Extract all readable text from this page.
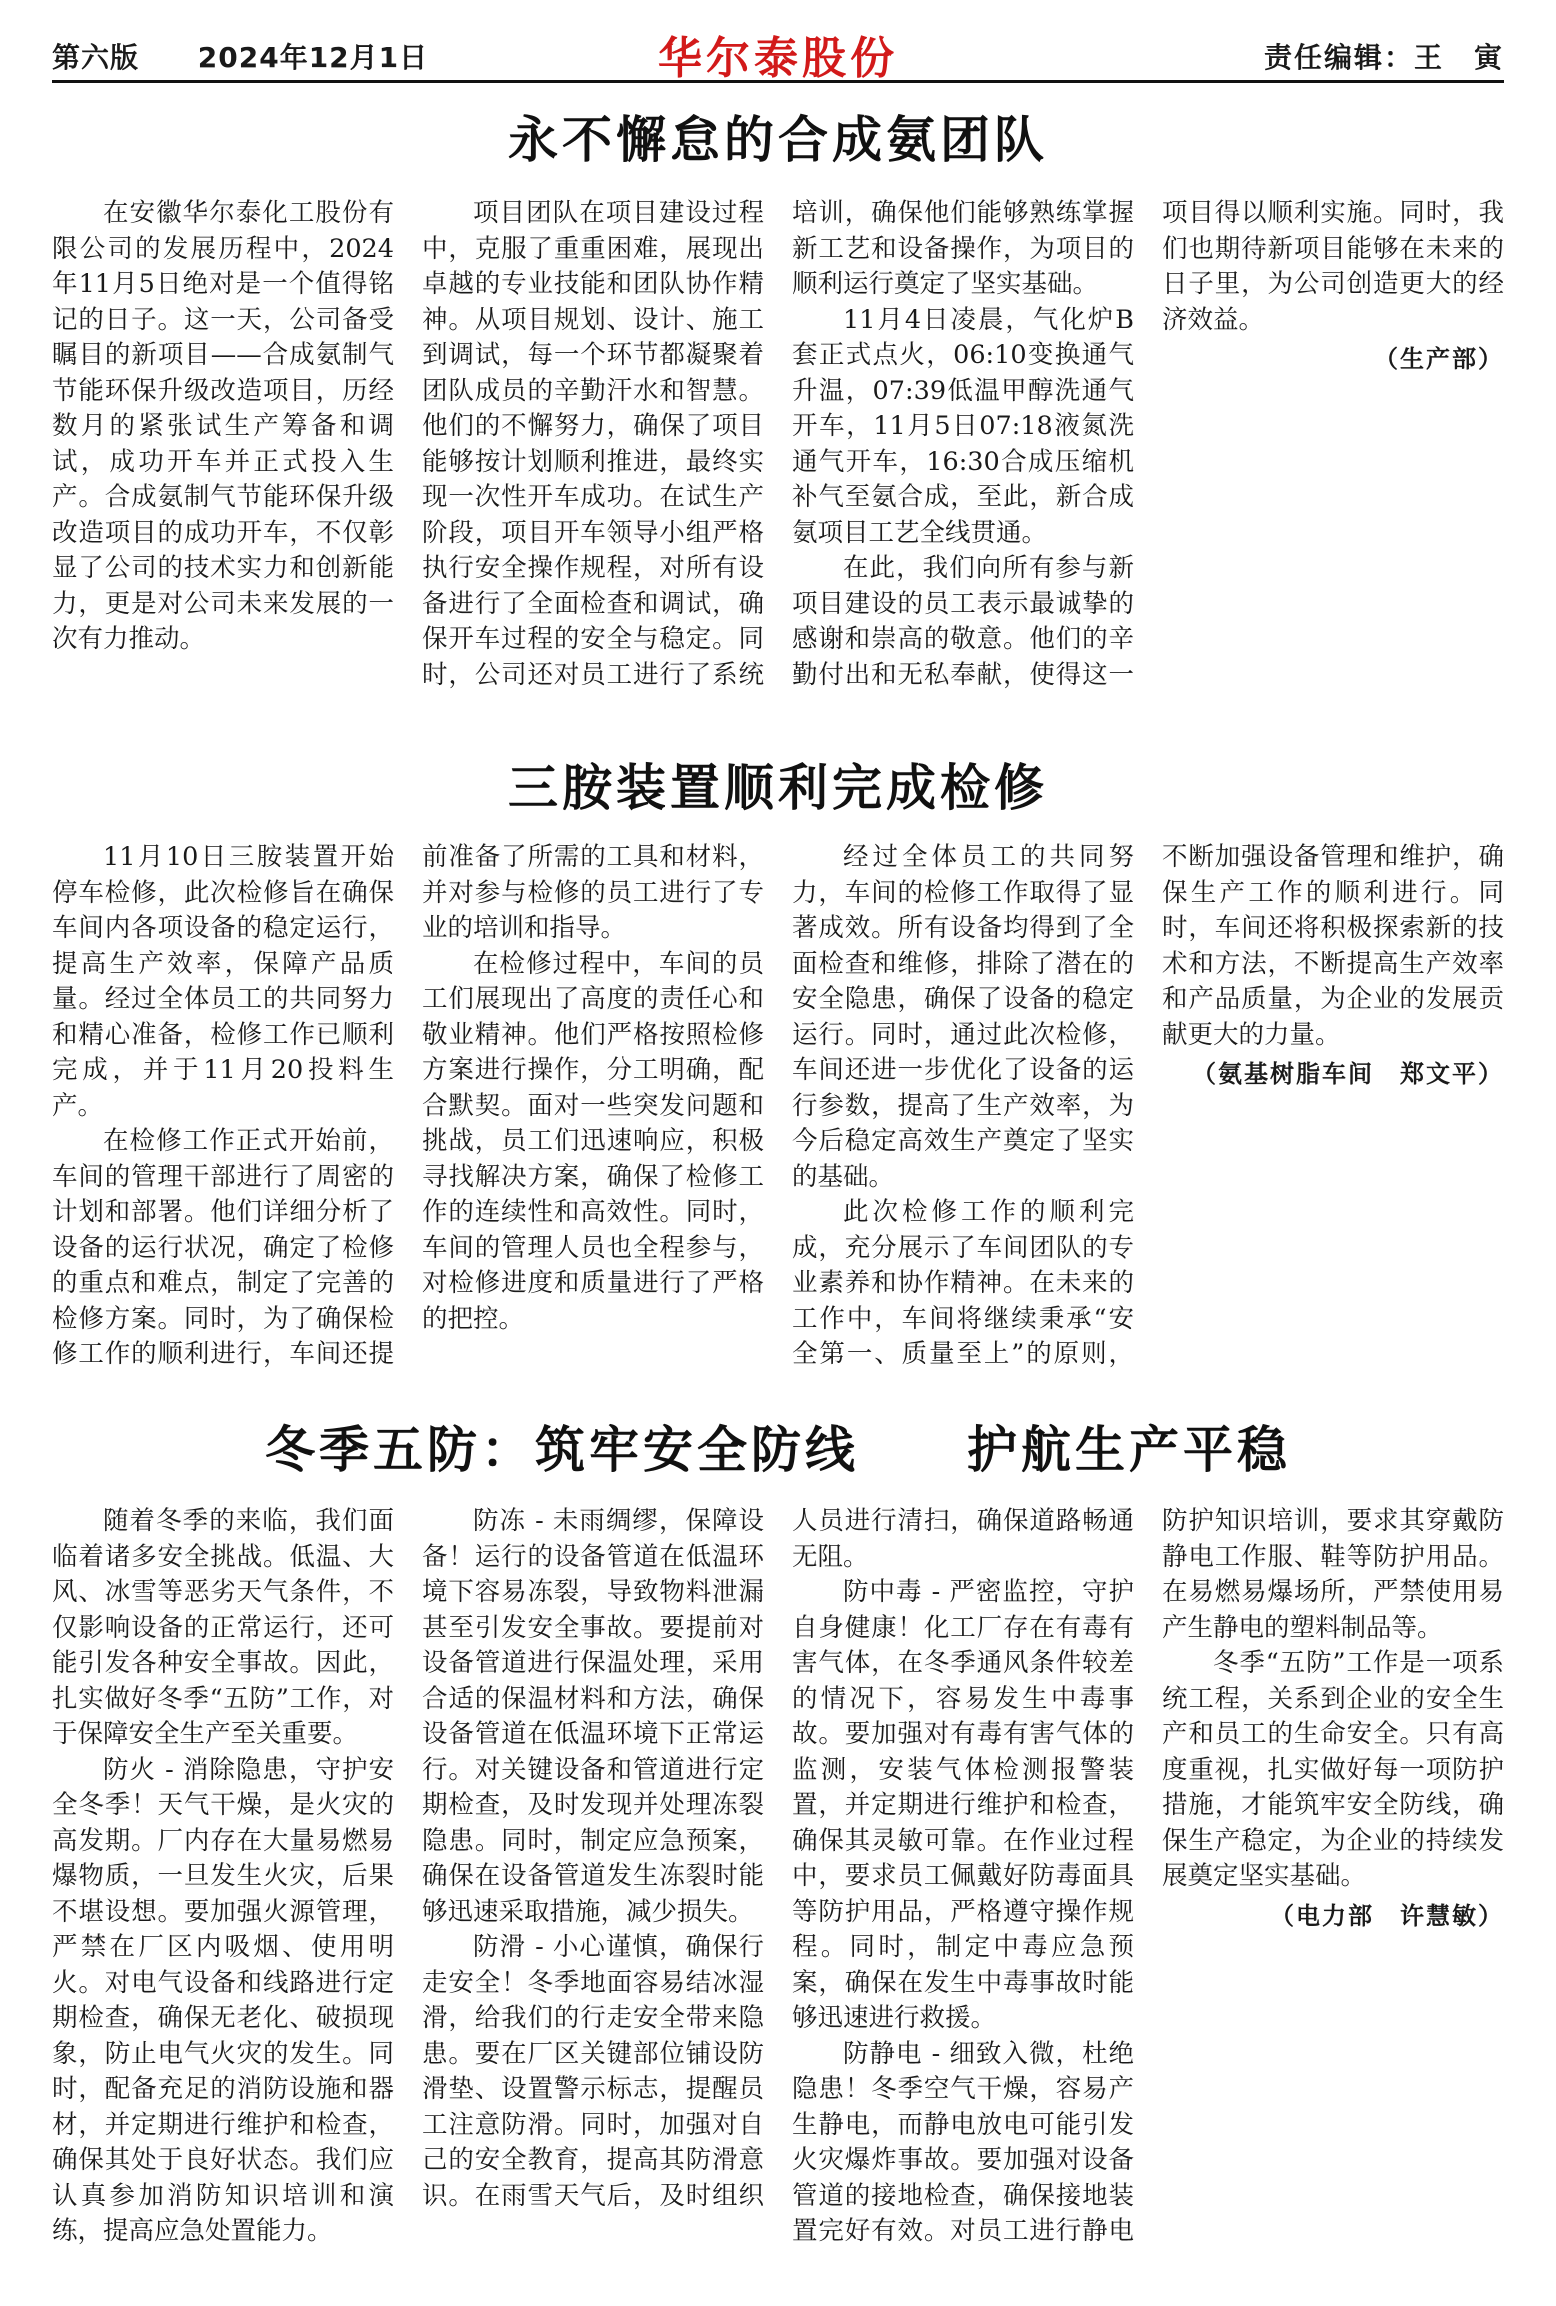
第六版 2024年12月1日	华尔泰股份	责任编辑：王　寅
永不懈怠的合成氨团队

在安徽华尔泰化工股份有限公司的发展历程中，2024年11月5日绝对是一个值得铭记的日子。这一天，公司备受瞩目的新项目——合成氨制气节能环保升级改造项目，历经数月的紧张试生产筹备和调试，成功开车并正式投入生产。合成氨制气节能环保升级改造项目的成功开车，不仅彰显了公司的技术实力和创新能力，更是对公司未来发展的一次有力推动。

项目团队在项目建设过程中，克服了重重困难，展现出卓越的专业技能和团队协作精神。从项目规划、设计、施工到调试，每一个环节都凝聚着团队成员的辛勤汗水和智慧。他们的不懈努力，确保了项目能够按计划顺利推进，最终实现一次性开车成功。在试生产阶段，项目开车领导小组严格执行安全操作规程，对所有设备进行了全面检查和调试，确保开车过程的安全与稳定。同时，公司还对员工进行了系统培训，确保他们能够熟练掌握新工艺和设备操作，为项目的顺利运行奠定了坚实基础。

11月4日凌晨，气化炉B套正式点火，06:10变换通气升温，07:39低温甲醇洗通气开车，11月5日07:18液氮洗通气开车，16:30合成压缩机补气至氨合成，至此，新合成氨项目工艺全线贯通。

在此，我们向所有参与新项目建设的员工表示最诚挚的感谢和崇高的敬意。他们的辛勤付出和无私奉献，使得这一项目得以顺利实施。同时，我们也期待新项目能够在未来的日子里，为公司创造更大的经济效益。

（生产部）
三胺装置顺利完成检修

11月10日三胺装置开始停车检修，此次检修旨在确保车间内各项设备的稳定运行，提高生产效率，保障产品质量。经过全体员工的共同努力和精心准备，检修工作已顺利完成，并于11月20投料生产。

在检修工作正式开始前，车间的管理干部进行了周密的计划和部署。他们详细分析了设备的运行状况，确定了检修的重点和难点，制定了完善的检修方案。同时，为了确保检修工作的顺利进行，车间还提前准备了所需的工具和材料，并对参与检修的员工进行了专业的培训和指导。

在检修过程中，车间的员工们展现出了高度的责任心和敬业精神。他们严格按照检修方案进行操作，分工明确，配合默契。面对一些突发问题和挑战，员工们迅速响应，积极寻找解决方案，确保了检修工作的连续性和高效性。同时，车间的管理人员也全程参与，对检修进度和质量进行了严格的把控。

经过全体员工的共同努力，车间的检修工作取得了显著成效。所有设备均得到了全面检查和维修，排除了潜在的安全隐患，确保了设备的稳定运行。同时，通过此次检修，车间还进一步优化了设备的运行参数，提高了生产效率，为今后稳定高效生产奠定了坚实的基础。

此次检修工作的顺利完成，充分展示了车间团队的专业素养和协作精神。在未来的工作中，车间将继续秉承“安全第一、质量至上”的原则，不断加强设备管理和维护，确保生产工作的顺利进行。同时，车间还将积极探索新的技术和方法，不断提高生产效率和产品质量，为企业的发展贡献更大的力量。

（氨基树脂车间　郑文平）
冬季五防：筑牢安全防线　　护航生产平稳

随着冬季的来临，我们面临着诸多安全挑战。低温、大风、冰雪等恶劣天气条件，不仅影响设备的正常运行，还可能引发各种安全事故。因此，扎实做好冬季“五防”工作，对于保障安全生产至关重要。

防火 - 消除隐患，守护安全冬季！天气干燥，是火灾的高发期。厂内存在大量易燃易爆物质，一旦发生火灾，后果不堪设想。要加强火源管理，严禁在厂区内吸烟、使用明火。对电气设备和线路进行定期检查，确保无老化、破损现象，防止电气火灾的发生。同时，配备充足的消防设施和器材，并定期进行维护和检查，确保其处于良好状态。我们应认真参加消防知识培训和演练，提高应急处置能力。

防冻 - 未雨绸缪，保障设备！运行的设备管道在低温环境下容易冻裂，导致物料泄漏甚至引发安全事故。要提前对设备管道进行保温处理，采用合适的保温材料和方法，确保设备管道在低温环境下正常运行。对关键设备和管道进行定期检查，及时发现并处理冻裂隐患。同时，制定应急预案，确保在设备管道发生冻裂时能够迅速采取措施，减少损失。

防滑 - 小心谨慎，确保行走安全！冬季地面容易结冰湿滑，给我们的行走安全带来隐患。要在厂区关键部位铺设防滑垫、设置警示标志，提醒员工注意防滑。同时，加强对自己的安全教育，提高其防滑意识。在雨雪天气后，及时组织人员进行清扫，确保道路畅通无阻。

防中毒 - 严密监控，守护自身健康！化工厂存在有毒有害气体，在冬季通风条件较差的情况下，容易发生中毒事故。要加强对有毒有害气体的监测，安装气体检测报警装置，并定期进行维护和检查，确保其灵敏可靠。在作业过程中，要求员工佩戴好防毒面具等防护用品，严格遵守操作规程。同时，制定中毒应急预案，确保在发生中毒事故时能够迅速进行救援。

防静电 - 细致入微，杜绝隐患！冬季空气干燥，容易产生静电，而静电放电可能引发火灾爆炸事故。要加强对设备管道的接地检查，确保接地装置完好有效。对员工进行静电防护知识培训，要求其穿戴防静电工作服、鞋等防护用品。在易燃易爆场所，严禁使用易产生静电的塑料制品等。

冬季“五防”工作是一项系统工程，关系到企业的安全生产和员工的生命安全。只有高度重视，扎实做好每一项防护措施，才能筑牢安全防线，确保生产稳定，为企业的持续发展奠定坚实基础。

（电力部　许慧敏）
